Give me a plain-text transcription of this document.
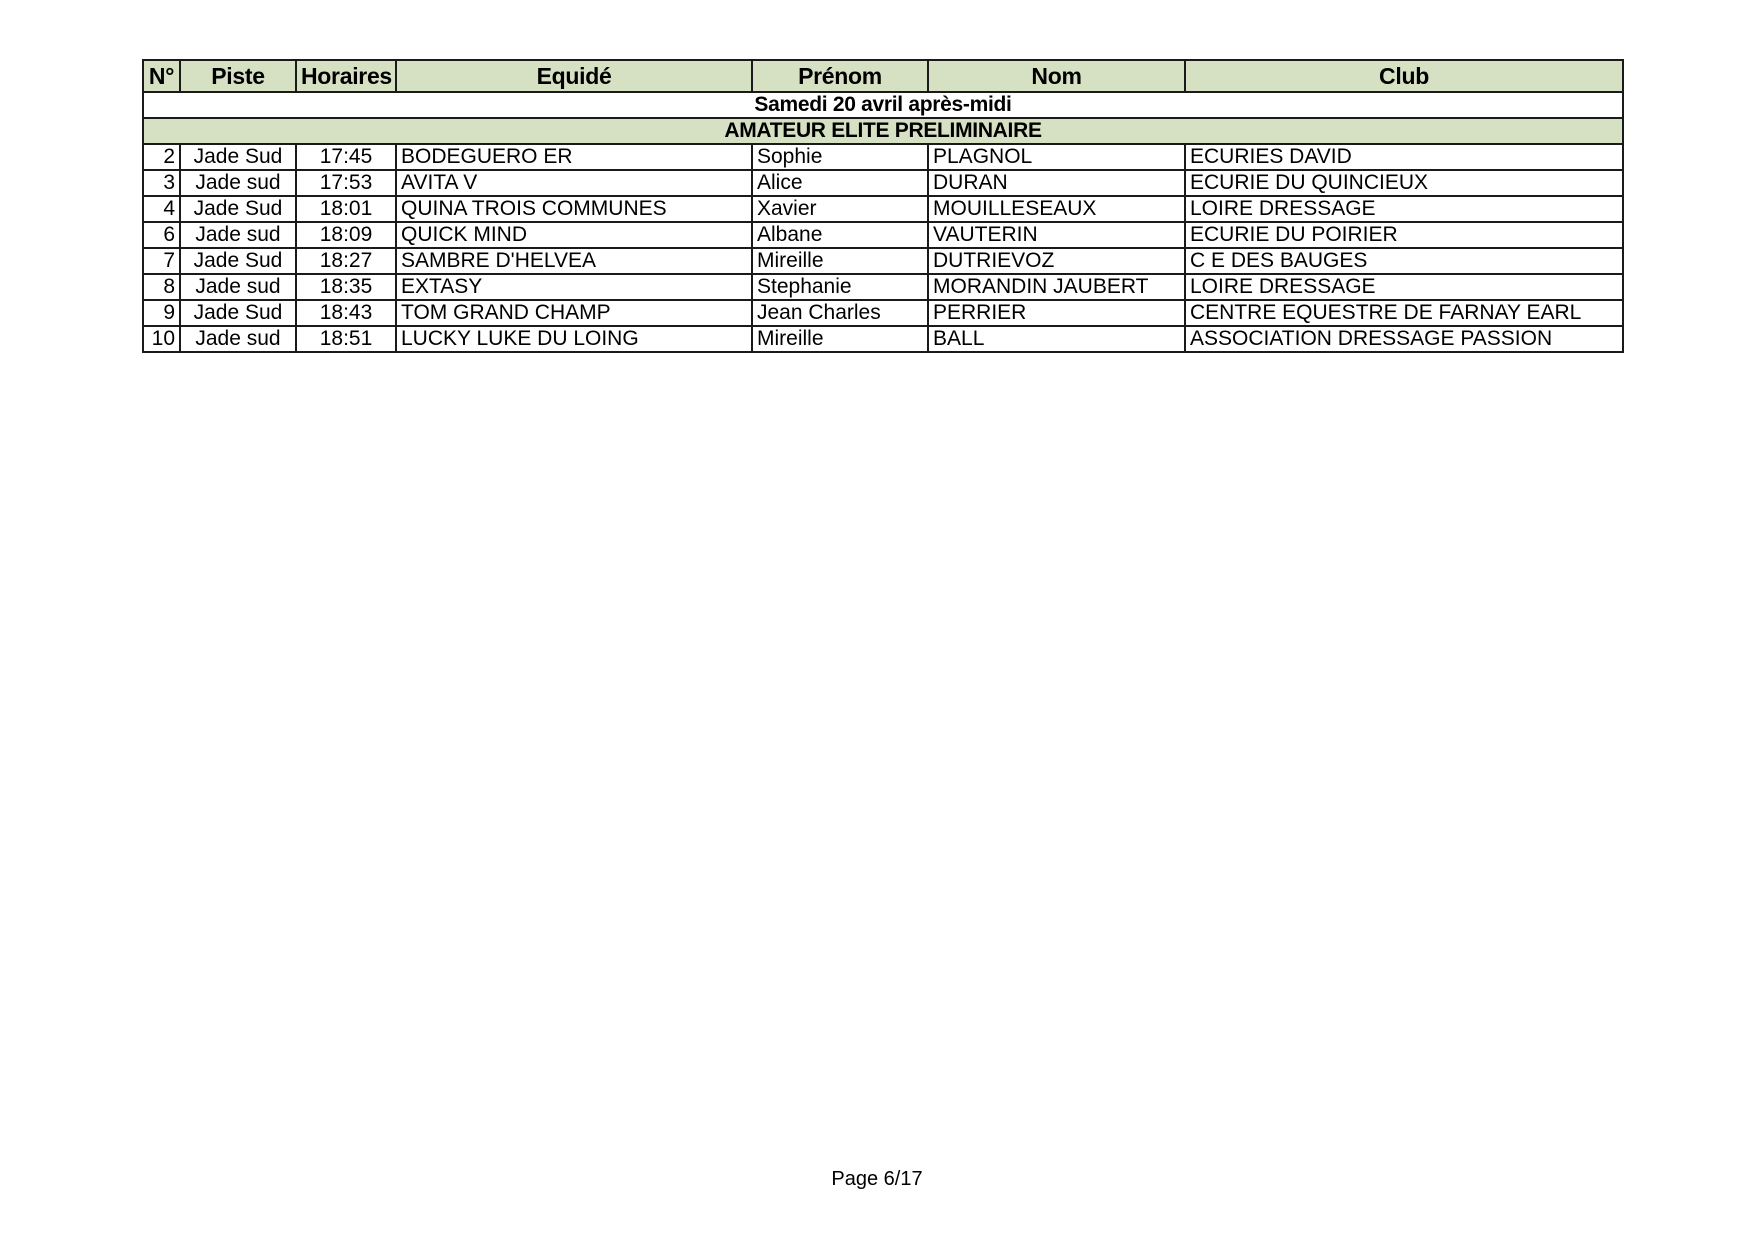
N°	Piste	Horaires	Equidé	Prénom	Nom	Club
Samedi 20 avril après-midi						
AMATEUR ELITE PRELIMINAIRE						
2	Jade Sud	17:45	BODEGUERO ER	Sophie	PLAGNOL	ECURIES DAVID
3	Jade sud	17:53	AVITA V	Alice	DURAN	ECURIE DU QUINCIEUX
4	Jade Sud	18:01	QUINA TROIS COMMUNES	Xavier	MOUILLESEAUX	LOIRE DRESSAGE
6	Jade sud	18:09	QUICK MIND	Albane	VAUTERIN	ECURIE DU POIRIER
7	Jade Sud	18:27	SAMBRE D'HELVEA	Mireille	DUTRIEVOZ	C E DES BAUGES
8	Jade sud	18:35	EXTASY	Stephanie	MORANDIN JAUBERT	LOIRE DRESSAGE
9	Jade Sud	18:43	TOM GRAND CHAMP	Jean Charles	PERRIER	CENTRE EQUESTRE DE FARNAY EARL
10	Jade sud	18:51	LUCKY LUKE DU LOING	Mireille	BALL	ASSOCIATION DRESSAGE PASSION
Page 6/17
